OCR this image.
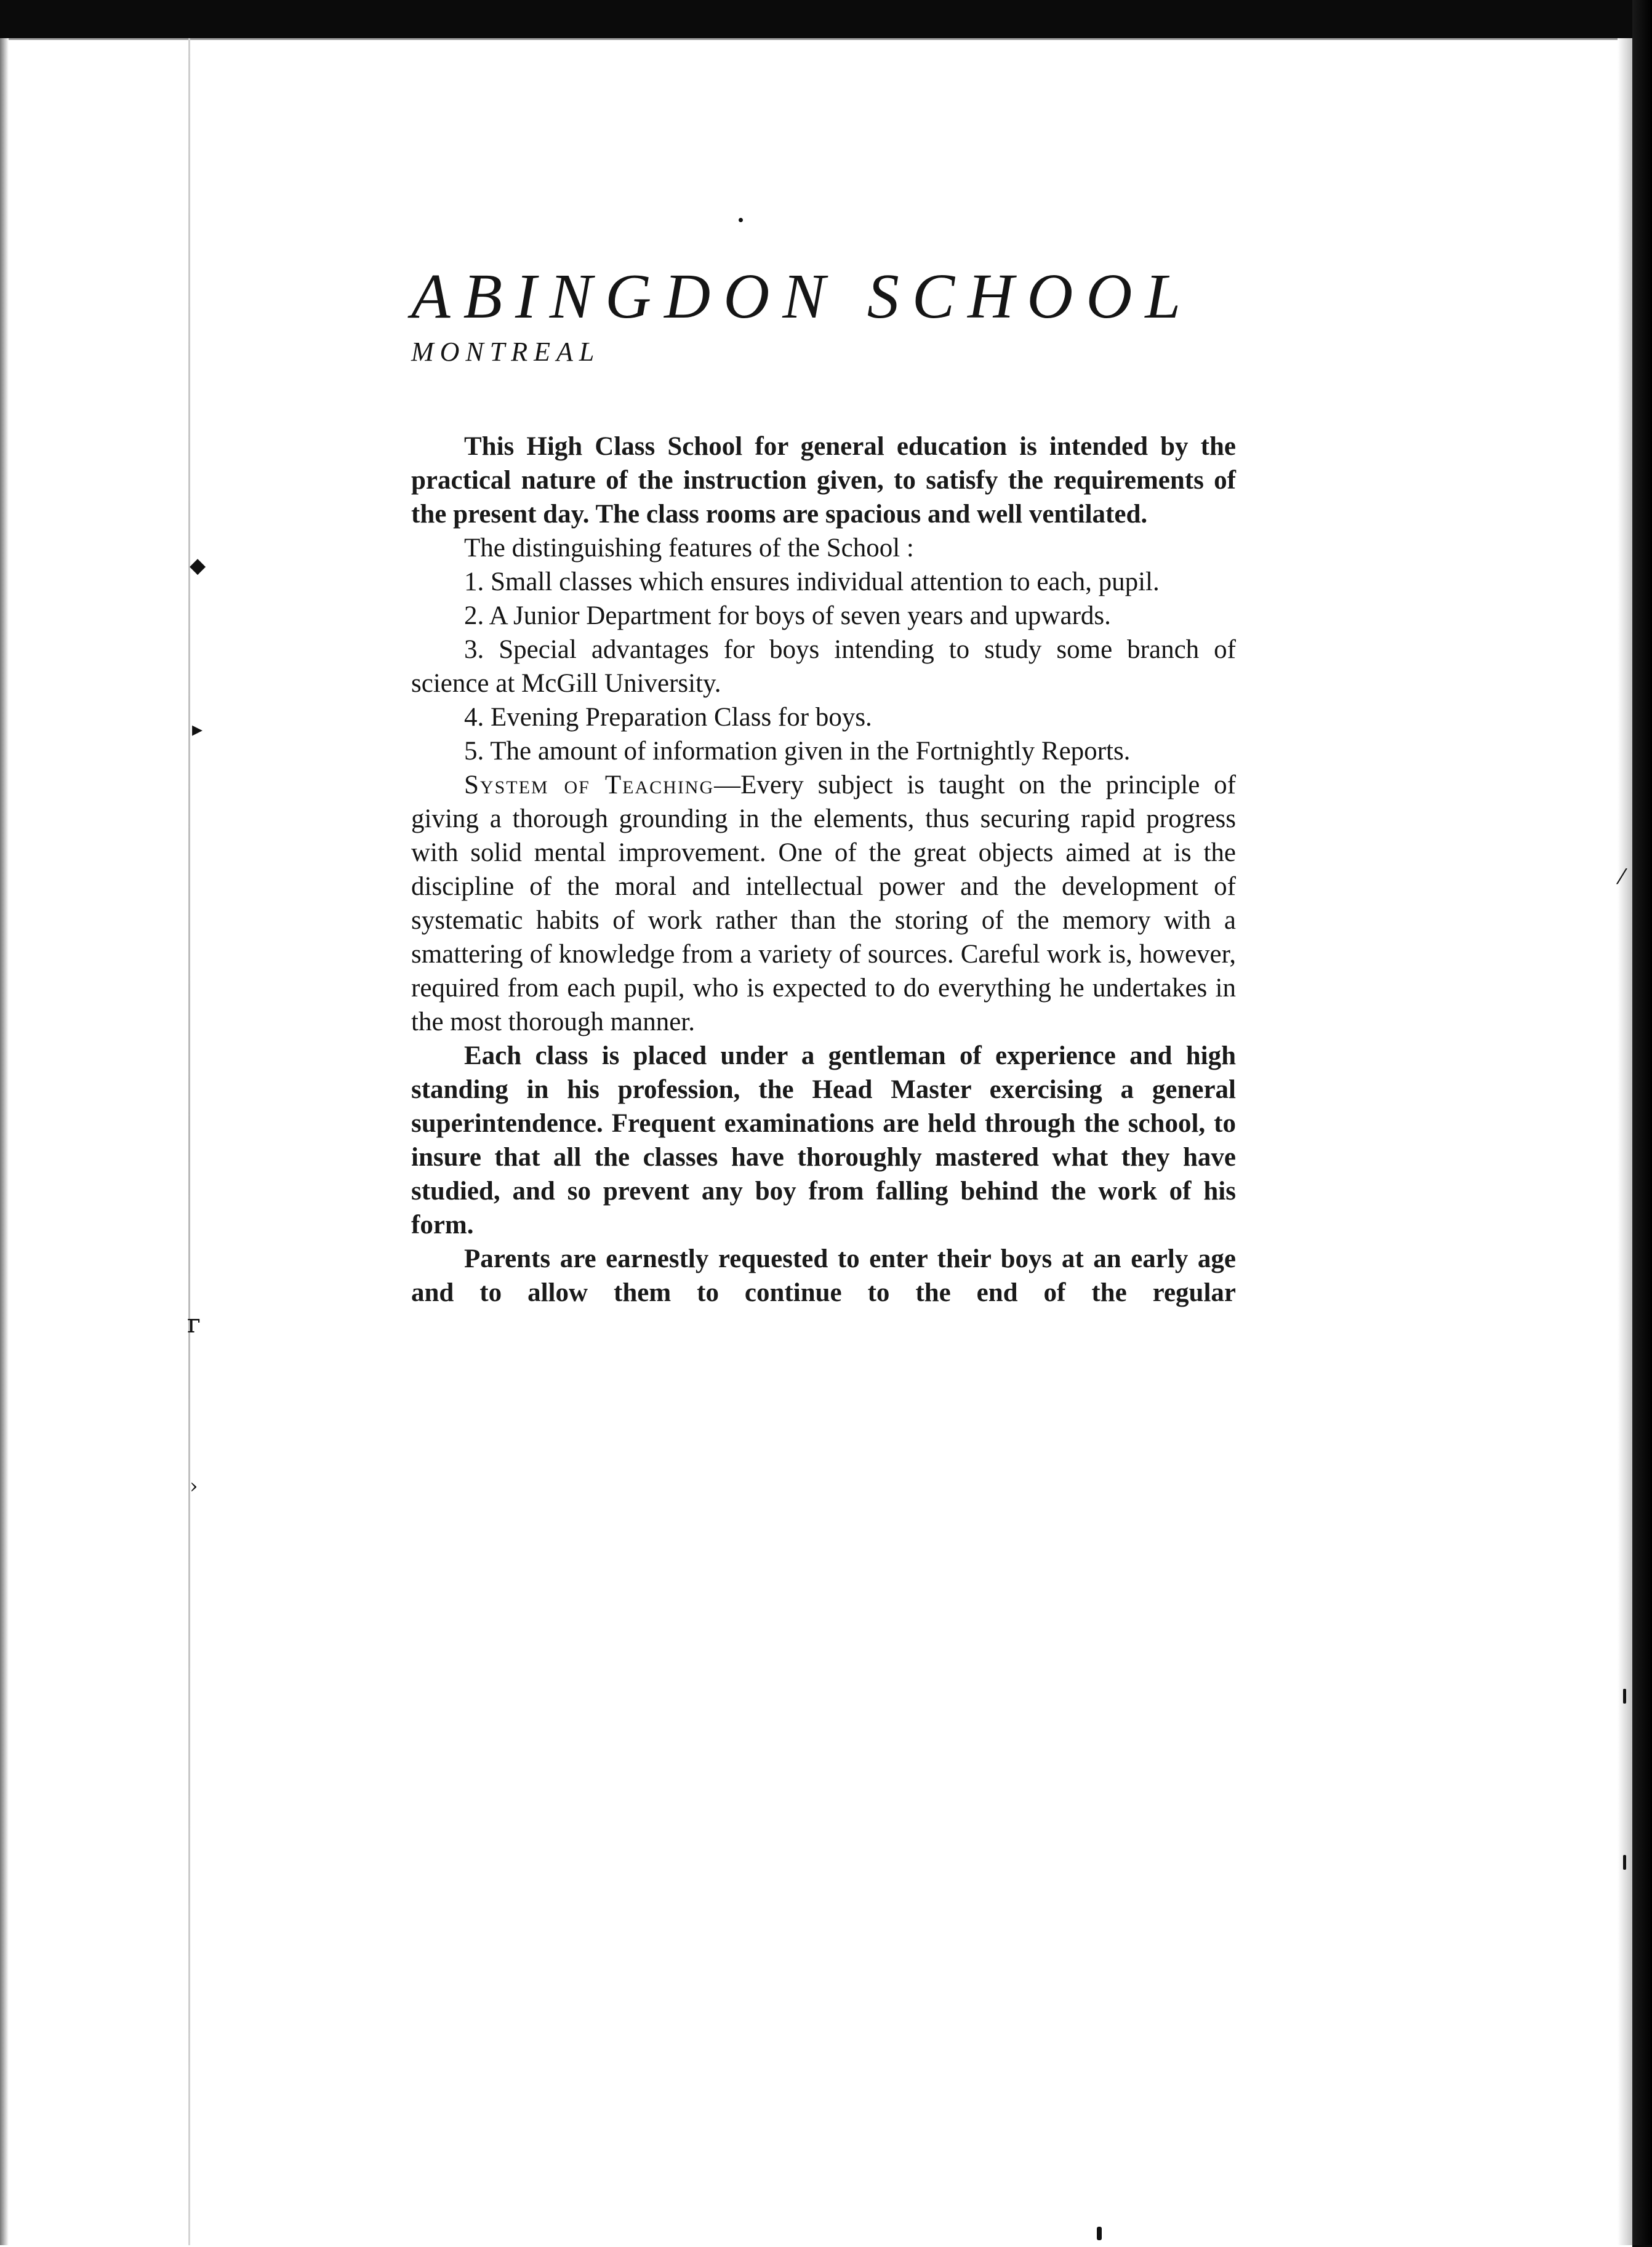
◆
▸
г
›
⁄
ABINGDON SCHOOL
MONTREAL

This High Class School for general education is intended by the practical nature of the instruction given, to satisfy the requirements of the present day. The class rooms are spacious and well ventilated.

The distinguishing features of the School :

1. Small classes which ensures individual attention to each, pupil.

2. A Junior Department for boys of seven years and upwards.

3. Special advantages for boys intending to study some branch of science at McGill University.

4. Evening Preparation Class for boys.

5. The amount of information given in the Fortnightly Reports.

System of Teaching—Every subject is taught on the principle of giving a thorough grounding in the elements, thus securing rapid progress with solid mental improvement. One of the great objects aimed at is the discipline of the moral and intellectual power and the development of systematic habits of work rather than the storing of the memory with a smattering of knowledge from a variety of sources. Careful work is, however, required from each pupil, who is expected to do everything he undertakes in the most thorough manner.

Each class is placed under a gentleman of experience and high standing in his profession, the Head Master exercising a general superintendence. Frequent examinations are held through the school, to insure that all the classes have thoroughly mastered what they have studied, and so prevent any boy from falling behind the work of his form.

Parents are earnestly requested to enter their boys at an early age and to allow them to continue to the end of the regular
